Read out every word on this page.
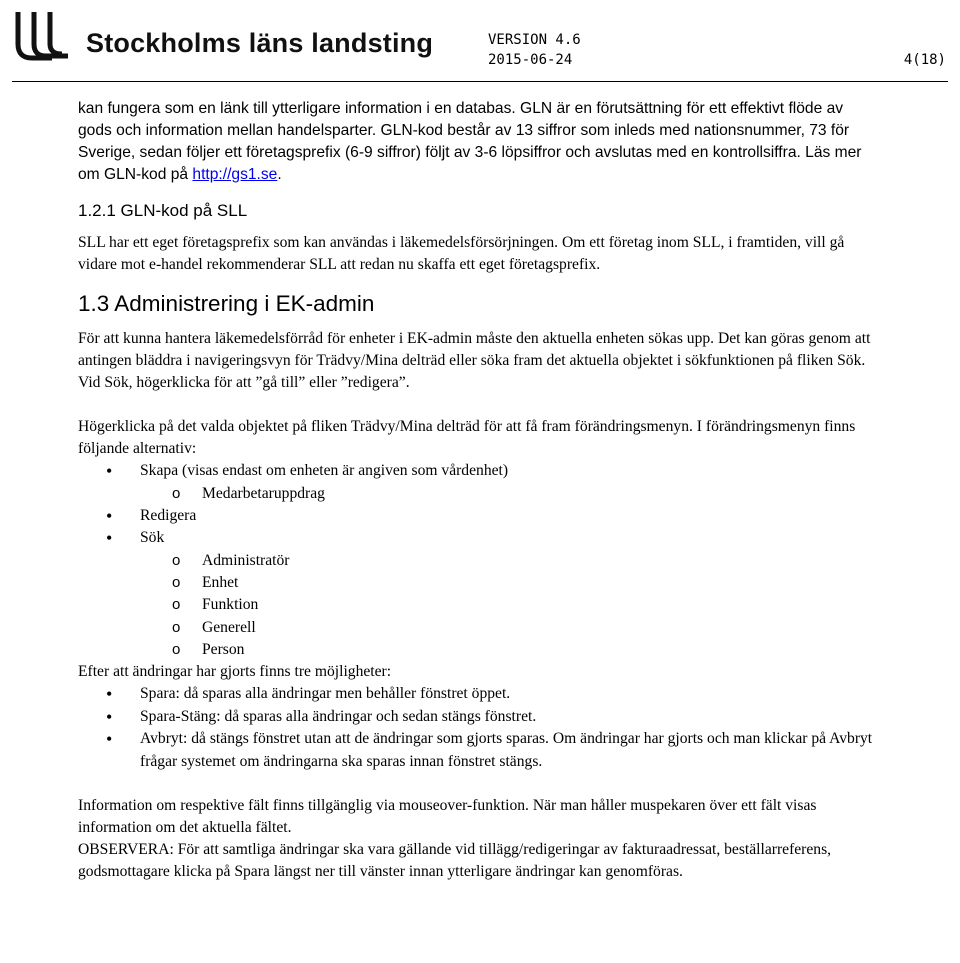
Stockholms läns landsting	VERSION 4.6
2015-06-24	4(18)

kan fungera som en länk till ytterligare information i en databas. GLN är en förutsättning för ett effektivt flöde av gods och information mellan handelsparter. GLN-kod består av 13 siffror som inleds med nationsnummer, 73 för Sverige, sedan följer ett företagsprefix (6-9 siffror) följt av 3-6 löpsiffror och avslutas med en kontrollsiffra. Läs mer om GLN-kod på http://gs1.se.

1.2.1 GLN-kod på SLL

SLL har ett eget företagsprefix som kan användas i läkemedelsförsörjningen. Om ett företag inom SLL, i framtiden, vill gå vidare mot e-handel rekommenderar SLL att redan nu skaffa ett eget företagsprefix.

1.3 Administrering i EK-admin

För att kunna hantera läkemedelsförråd för enheter i EK-admin måste den aktuella enheten sökas upp. Det kan göras genom att antingen bläddra i navigeringsvyn för Trädvy/Mina delträd eller söka fram det aktuella objektet i sökfunktionen på fliken Sök. Vid Sök, högerklicka för att ”gå till” eller ”redigera”.

Högerklicka på det valda objektet på fliken Trädvy/Mina delträd för att få fram förändringsmenyn. I förändringsmenyn finns följande alternativ:

• Skapa (visas endast om enheten är angiven som vårdenhet)
o Medarbetaruppdrag
• Redigera
• Sök
o Administratör
o Enhet
o Funktion
o Generell
o Person

Efter att ändringar har gjorts finns tre möjligheter:

• Spara: då sparas alla ändringar men behåller fönstret öppet.
• Spara-Stäng: då sparas alla ändringar och sedan stängs fönstret.
• Avbryt: då stängs fönstret utan att de ändringar som gjorts sparas. Om ändringar har gjorts och man klickar på Avbryt frågar systemet om ändringarna ska sparas innan fönstret stängs.

Information om respektive fält finns tillgänglig via mouseover-funktion. När man håller muspekaren över ett fält visas information om det aktuella fältet.

OBSERVERA: För att samtliga ändringar ska vara gällande vid tillägg/redigeringar av fakturaadressat, beställarreferens, godsmottagare klicka på Spara längst ner till vänster innan ytterligare ändringar kan genomföras.
